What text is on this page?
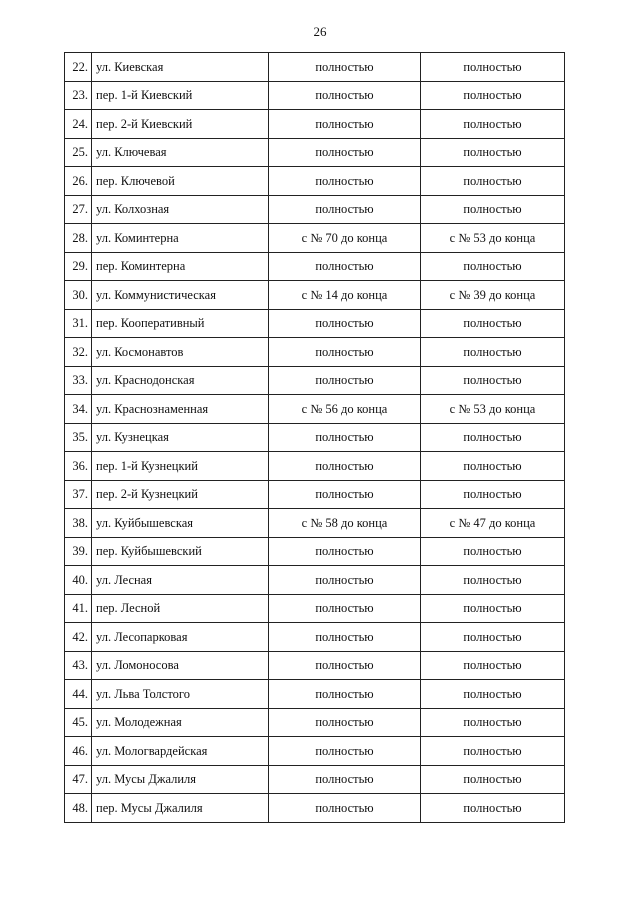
26
22.	ул. Киевская	полностью	полностью
23.	пер. 1-й Киевский	полностью	полностью
24.	пер. 2-й Киевский	полностью	полностью
25.	ул. Ключевая	полностью	полностью
26.	пер. Ключевой	полностью	полностью
27.	ул. Колхозная	полностью	полностью
28.	ул. Коминтерна	с № 70 до конца	с № 53 до конца
29.	пер. Коминтерна	полностью	полностью
30.	ул. Коммунистическая	с № 14 до конца	с № 39 до конца
31.	пер. Кооперативный	полностью	полностью
32.	ул. Космонавтов	полностью	полностью
33.	ул. Краснодонская	полностью	полностью
34.	ул. Краснознаменная	с № 56 до конца	с № 53 до конца
35.	ул. Кузнецкая	полностью	полностью
36.	пер. 1-й Кузнецкий	полностью	полностью
37.	пер. 2-й Кузнецкий	полностью	полностью
38.	ул. Куйбышевская	с № 58 до конца	с № 47 до конца
39.	пер. Куйбышевский	полностью	полностью
40.	ул. Лесная	полностью	полностью
41.	пер. Лесной	полностью	полностью
42.	ул. Лесопарковая	полностью	полностью
43.	ул. Ломоносова	полностью	полностью
44.	ул. Льва Толстого	полностью	полностью
45.	ул. Молодежная	полностью	полностью
46.	ул. Мологвардейская	полностью	полностью
47.	ул. Мусы Джалиля	полностью	полностью
48.	пер. Мусы Джалиля	полностью	полностью
